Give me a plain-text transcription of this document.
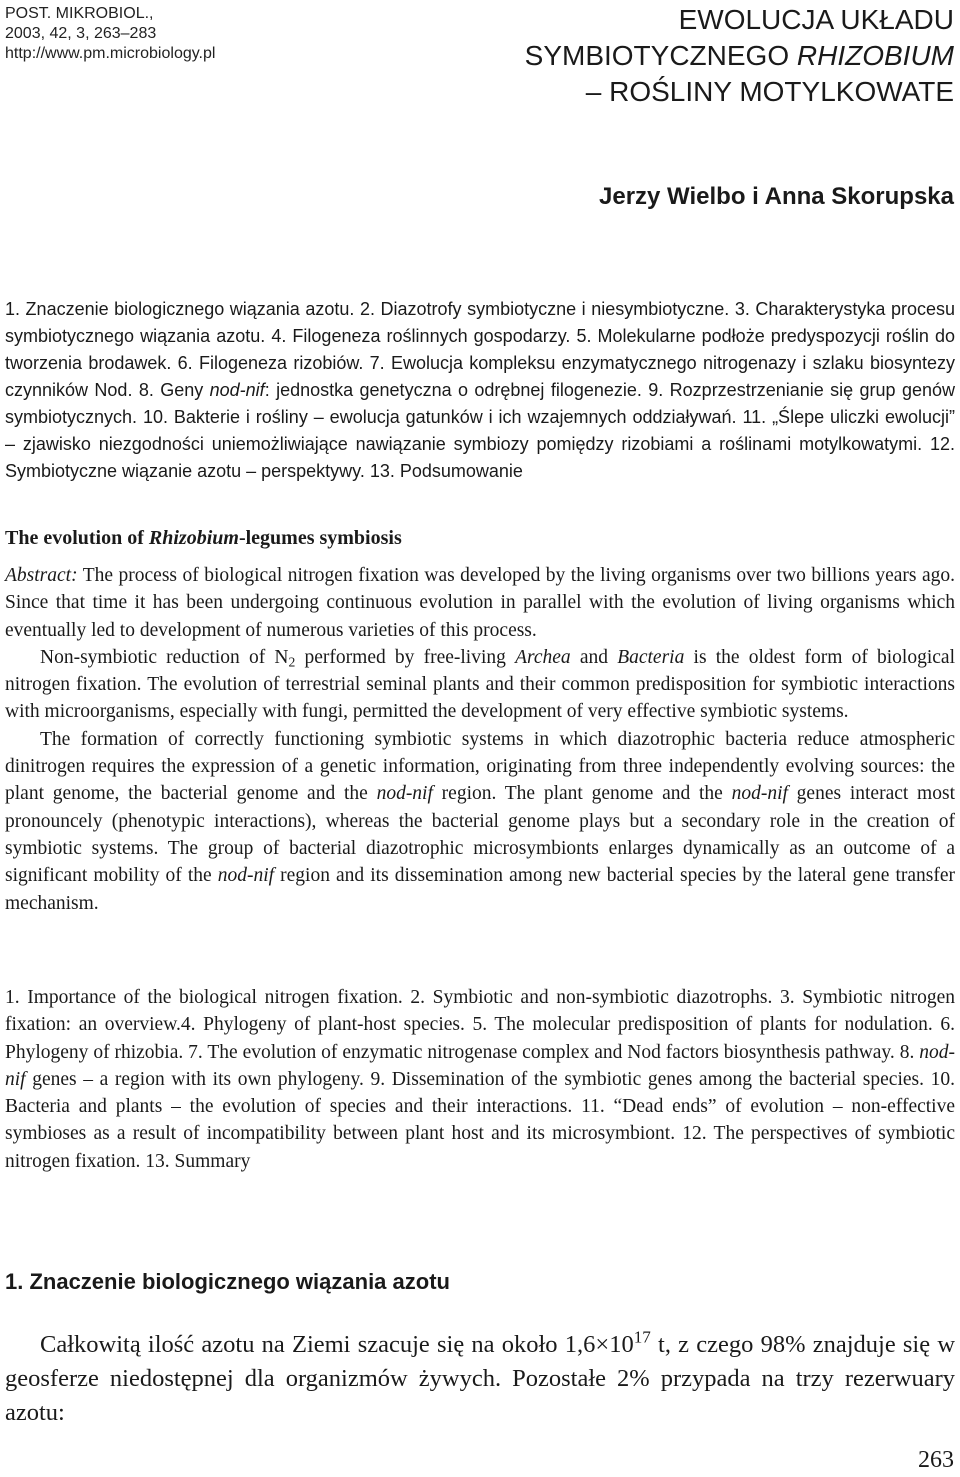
POST. MIKROBIOL.,
2003, 42, 3, 263–283
http://www.pm.microbiology.pl
EWOLUCJA UKŁADU
SYMBIOTYCZNEGO RHIZOBIUM
– ROŚLINY MOTYLKOWATE
Jerzy Wielbo i Anna Skorupska
1. Znaczenie biologicznego wiązania azotu. 2. Diazotrofy symbiotyczne i niesymbiotyczne. 3. Charakterystyka procesu symbiotycznego wiązania azotu. 4. Filogeneza roślinnych gospodarzy. 5. Molekularne podłoże predyspozycji roślin do tworzenia brodawek. 6. Filogeneza rizobiów. 7. Ewolucja kompleksu enzymatycznego nitrogenazy i szlaku biosyntezy czynników Nod. 8. Geny nod-nif: jednostka genetyczna o odrębnej filogenezie. 9. Rozprzestrzenianie się grup genów symbiotycznych. 10. Bakterie i rośliny – ewolucja gatunków i ich wzajemnych oddziaływań. 11. „Ślepe uliczki ewolucji” – zjawisko niezgodności uniemożliwiające nawiązanie symbiozy pomiędzy rizobiami a roślinami motylkowatymi. 12. Symbiotyczne wiązanie azotu – perspektywy. 13. Podsumowanie
The evolution of Rhizobium-legumes symbiosis

Abstract: The process of biological nitrogen fixation was developed by the living organisms over two billions years ago. Since that time it has been undergoing continuous evolution in parallel with the evolution of living organisms which eventually led to development of numerous varieties of this process.

Non-symbiotic reduction of $N_2$ performed by free-living Archea and Bacteria is the oldest form of biological nitrogen fixation. The evolution of terrestrial seminal plants and their common predisposition for symbiotic interactions with microorganisms, especially with fungi, permitted the development of very effective symbiotic systems.

The formation of correctly functioning symbiotic systems in which diazotrophic bacteria reduce atmospheric dinitrogen requires the expression of a genetic information, originating from three independently evolving sources: the plant genome, the bacterial genome and the nod-nif region. The plant genome and the nod-nif genes interact most pronouncely (phenotypic interactions), whereas the bacterial genome plays but a secondary role in the creation of symbiotic systems. The group of bacterial diazotrophic microsymbionts enlarges dynamically as an outcome of a significant mobility of the nod-nif region and its dissemination among new bacterial species by the lateral gene transfer mechanism.

1. Importance of the biological nitrogen fixation. 2. Symbiotic and non-symbiotic diazotrophs. 3. Symbiotic nitrogen fixation: an overview.4. Phylogeny of plant-host species. 5. The molecular predisposition of plants for nodulation. 6. Phylogeny of rhizobia. 7. The evolution of enzymatic nitrogenase complex and Nod factors biosynthesis pathway. 8. nod-nif genes – a region with its own phylogeny. 9. Dissemination of the symbiotic genes among the bacterial species. 10. Bacteria and plants – the evolution of species and their interactions. 11. “Dead ends” of evolution – non-effective symbioses as a result of incompatibility between plant host and its microsymbiont. 12. The perspectives of symbiotic nitrogen fixation. 13. Summary
1. Znaczenie biologicznego wiązania azotu

Całkowitą ilość azotu na Ziemi szacuje się na około $1,6\times 10^{17}$ t, z czego 98% znajduje się w geosferze niedostępnej dla organizmów żywych. Pozostałe 2% przypada na trzy rezerwuary azotu:

263
